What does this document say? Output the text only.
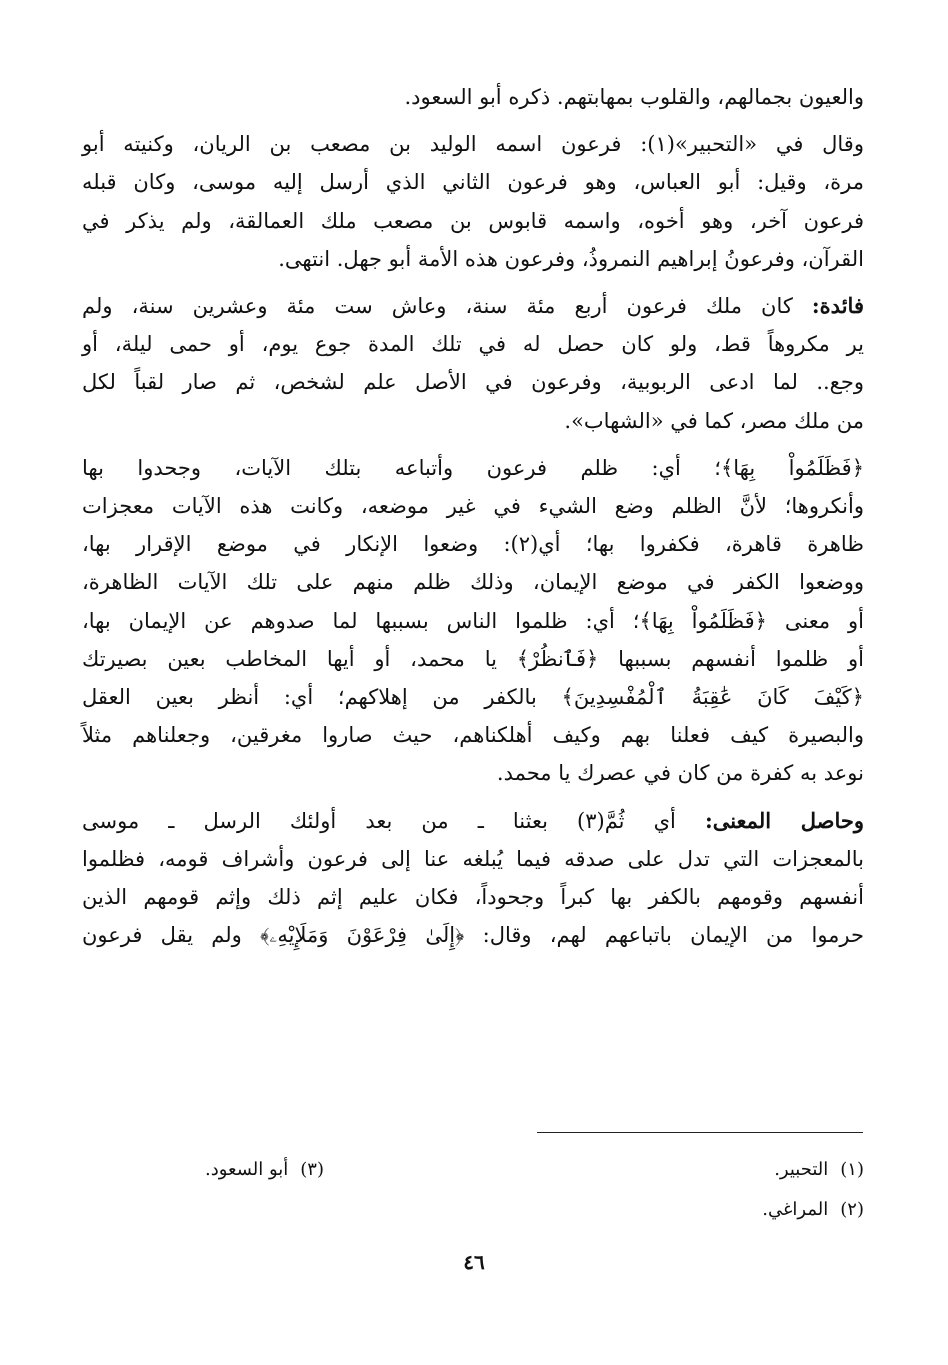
والعيون بجمالهم، والقلوب بمهابتهم. ذكره أبو السعود.

وقال في «التحبير»(١): فرعون اسمه الوليد بن مصعب بن الريان، وكنيته أبو
مرة، وقيل: أبو العباس، وهو فرعون الثاني الذي أرسل إليه موسى، وكان قبله
فرعون آخر، وهو أخوه، واسمه قابوس بن مصعب ملك العمالقة، ولم يذكر في
القرآن، وفرعونُ إبراهيم النمروذُ، وفرعون هذه الأمة أبو جهل. انتهى.

فائدة: كان ملك فرعون أربع مئة سنة، وعاش ست مئة وعشرين سنة، ولم
ير مكروهاً قط، ولو كان حصل له في تلك المدة جوع يوم، أو حمى ليلة، أو
وجع.. لما ادعى الربوبية، وفرعون في الأصل علم لشخص، ثم صار لقباً لكل
من ملك مصر، كما في «الشهاب».

﴿فَظَلَمُواْ بِهَا﴾؛ أي: ظلم فرعون وأتباعه بتلك الآيات، وجحدوا بها
وأنكروها؛ لأنَّ الظلم وضع الشيء في غير موضعه، وكانت هذه الآيات معجزات
ظاهرة قاهرة، فكفروا بها؛ أي(٢): وضعوا الإنكار في موضع الإقرار بها،
ووضعوا الكفر في موضع الإيمان، وذلك ظلم منهم على تلك الآيات الظاهرة،
أو معنى ﴿فَظَلَمُواْ بِهَا﴾؛ أي: ظلموا الناس بسببها لما صدوهم عن الإيمان بها،
أو ظلموا أنفسهم بسببها ﴿فَٱنظُرْ﴾ يا محمد، أو أيها المخاطب بعين بصيرتك
﴿كَيْفَ كَانَ عَٰقِبَةُ ٱلْمُفْسِدِينَ﴾ بالكفر من إهلاكهم؛ أي: أنظر بعين العقل
والبصيرة كيف فعلنا بهم وكيف أهلكناهم، حيث صاروا مغرقين، وجعلناهم مثلاً
نوعد به كفرة من كان في عصرك يا محمد.

وحاصل المعنى: أي ثُمَّ(٣) بعثنا ـ من بعد أولئك الرسل ـ موسى
بالمعجزات التي تدل على صدقه فيما يُبلغه عنا إلى فرعون وأشراف قومه، فظلموا
أنفسهم وقومهم بالكفر بها كبراً وجحوداً، فكان عليم إثم ذلك وإثم قومهم الذين
حرموا من الإيمان باتباعهم لهم، وقال: ﴿إِلَىٰ فِرْعَوْنَ وَمَلَإِيْهِۦ﴾ ولم يقل فرعون

(١)التحبير.
(٣)أبو السعود.
(٢)المراغي.
٤٦
